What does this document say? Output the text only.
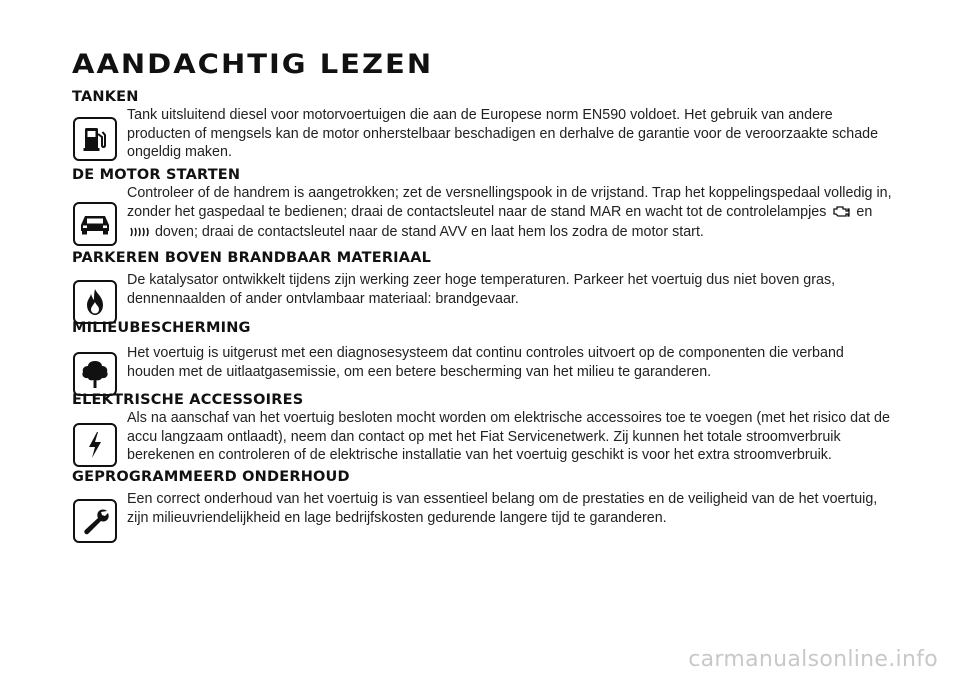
AANDACHTIG LEZEN
TANKEN

Tank uitsluitend diesel voor motorvoertuigen die aan de Europese norm EN590 voldoet. Het gebruik van andere producten of mengsels kan de motor onherstelbaar beschadigen en derhalve de garantie voor de veroorzaakte schade ongeldig maken.

DE MOTOR STARTEN

Controleer of de handrem is aangetrokken; zet de versnellingspook in de vrijstand. Trap het koppelingspedaal volledig in, zonder het gaspedaal te bedienen; draai de contactsleutel naar de stand MAR en wacht tot de controlelampjes en  doven; draai de contactsleutel naar de stand AVV en laat hem los zodra de motor start.

PARKEREN BOVEN BRANDBAAR MATERIAAL

De katalysator ontwikkelt tijdens zijn werking zeer hoge temperaturen. Parkeer het voertuig dus niet boven gras, dennennaalden of ander ontvlambaar materiaal: brandgevaar.

MILIEUBESCHERMING

Het voertuig is uitgerust met een diagnosesysteem dat continu controles uitvoert op de componenten die verband houden met de uitlaatgasemissie, om een betere bescherming van het milieu te garanderen.

ELEKTRISCHE ACCESSOIRES

Als na aanschaf van het voertuig besloten mocht worden om elektrische accessoires toe te voegen (met het risico dat de accu langzaam ontlaadt), neem dan contact op met het Fiat Servicenetwerk. Zij kunnen het totale stroomverbruik berekenen en controleren of de elektrische installatie van het voertuig geschikt is voor het extra stroomverbruik.

GEPROGRAMMEERD ONDERHOUD

Een correct onderhoud van het voertuig is van essentieel belang om de prestaties en de veiligheid van de het voertuig, zijn milieuvriendelijkheid en lage bedrijfskosten gedurende langere tijd te garanderen.

carmanualsonline.info
